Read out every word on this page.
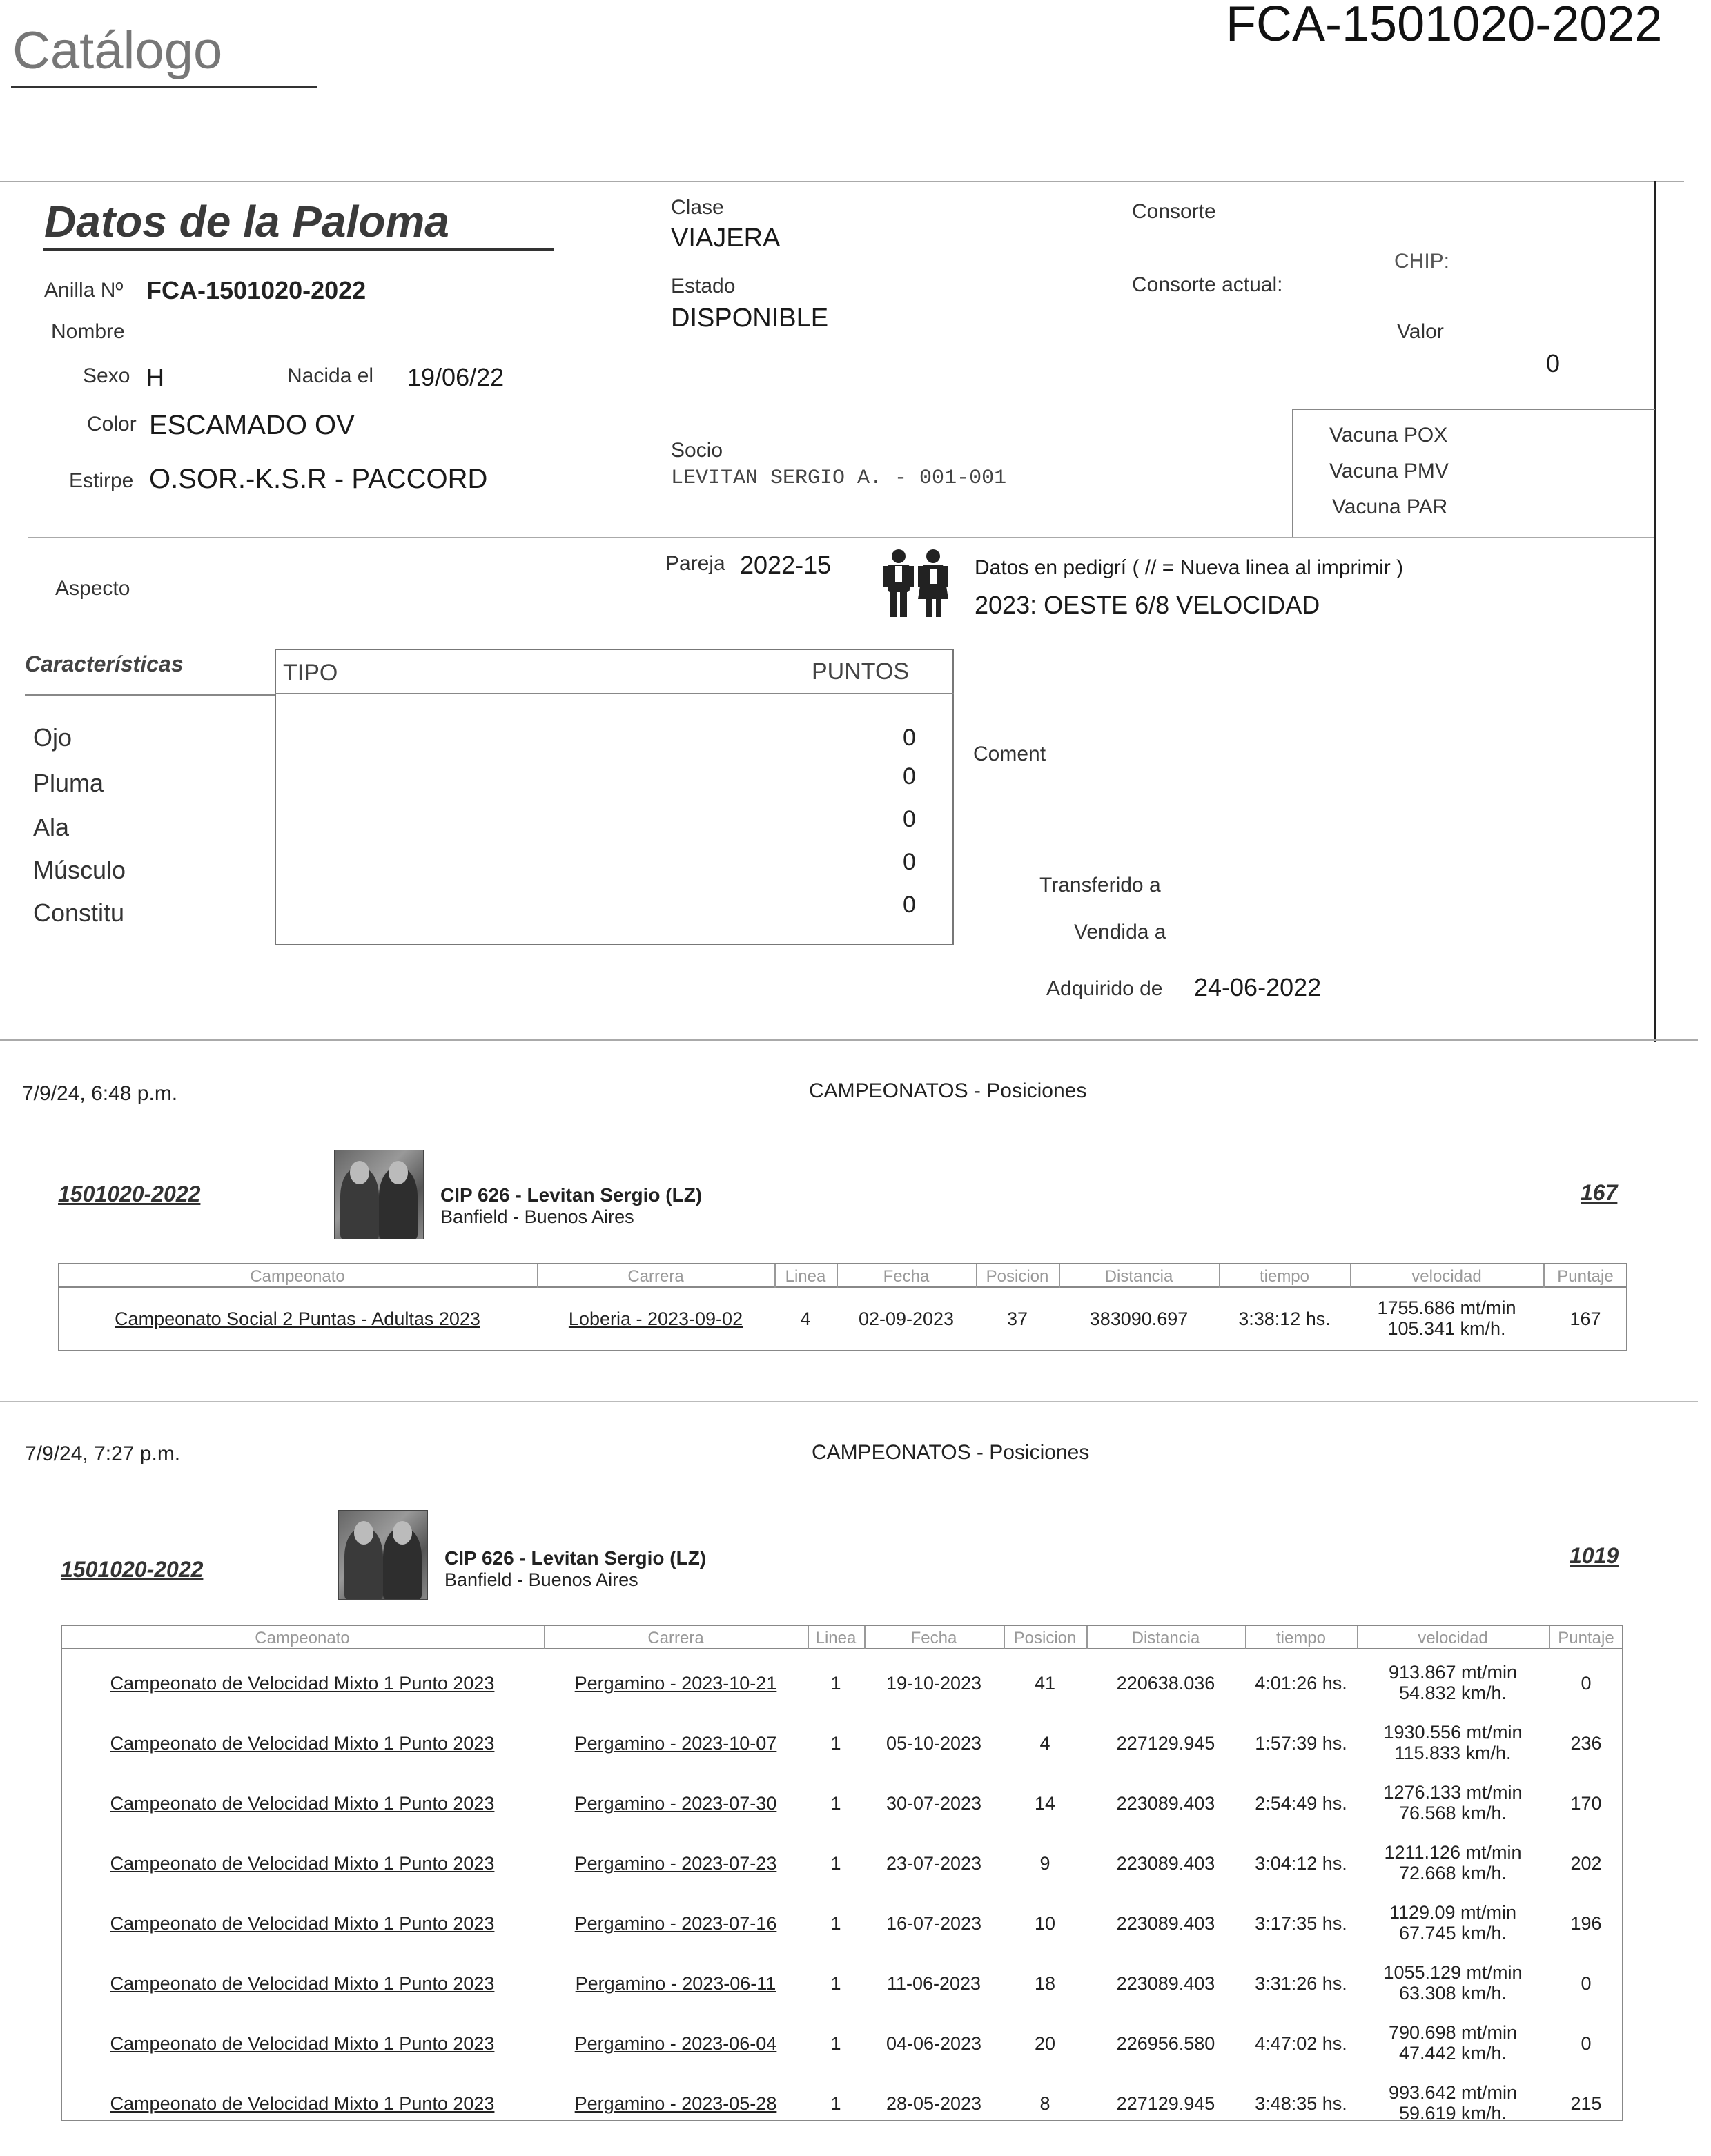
Catálogo	FCA-1501020-2022
Datos de la Paloma
Anilla Nº FCA-1501020-2022
Nombre
Sexo H	Nacida el 19/06/22
Color ESCAMADO OV
Estirpe O.SOR.-K.S.R - PACCORD
Clase
VIAJERA
Estado
DISPONIBLE
Socio
LEVITAN SERGIO A. - 001-001
Consorte
Consorte actual:
CHIP:
Valor
0
Vacuna POX
Vacuna PMV
Vacuna PAR
Aspecto
Pareja 2022-15	Datos en pedigrí ( // = Nueva linea al imprimir )
2023: OESTE 6/8 VELOCIDAD
Características	TIPO	PUNTOS
Ojo	0
Pluma	0
Ala	0
Músculo	0
Constitu	0
Coment
Transferido a
Vendida a
Adquirido de 24-06-2022
7/9/24, 6:48 p.m.	CAMPEONATOS - Posiciones
1501020-2022	CIP 626 - Levitan Sergio (LZ)
Banfield - Buenos Aires
167
Campeonato	Carrera	Linea	Fecha	Posicion	Distancia	tiempo	velocidad	Puntaje
Campeonato Social 2 Puntas - Adultas 2023	Loberia - 2023-09-02	4	02-09-2023	37	383090.697	3:38:12 hs.
1755.686 mt/min
105.341 km/h.	167
7/9/24, 7:27 p.m.	CAMPEONATOS - Posiciones
1501020-2022	CIP 626 - Levitan Sergio (LZ)
Banfield - Buenos Aires
1019
Campeonato	Carrera	Linea	Fecha	Posicion	Distancia	tiempo	velocidad	Puntaje
Campeonato de Velocidad Mixto 1 Punto 2023	Pergamino - 2023-10-21	1	19-10-2023	41	220638.036	4:01:26 hs.
913.867 mt/min
54.832 km/h.	0
Campeonato de Velocidad Mixto 1 Punto 2023	Pergamino - 2023-10-07	1	05-10-2023	4	227129.945	1:57:39 hs.
1930.556 mt/min
115.833 km/h.	236
Campeonato de Velocidad Mixto 1 Punto 2023	Pergamino - 2023-07-30	1	30-07-2023	14	223089.403	2:54:49 hs.
1276.133 mt/min
76.568 km/h.	170
Campeonato de Velocidad Mixto 1 Punto 2023	Pergamino - 2023-07-23	1	23-07-2023	9	223089.403	3:04:12 hs.
1211.126 mt/min
72.668 km/h.	202
Campeonato de Velocidad Mixto 1 Punto 2023	Pergamino - 2023-07-16	1	16-07-2023	10	223089.403	3:17:35 hs.
1129.09 mt/min
67.745 km/h.	196
Campeonato de Velocidad Mixto 1 Punto 2023	Pergamino - 2023-06-11	1	11-06-2023	18	223089.403	3:31:26 hs.
1055.129 mt/min
63.308 km/h.	0
Campeonato de Velocidad Mixto 1 Punto 2023	Pergamino - 2023-06-04	1	04-06-2023	20	226956.580	4:47:02 hs.
790.698 mt/min
47.442 km/h.	0
Campeonato de Velocidad Mixto 1 Punto 2023	Pergamino - 2023-05-28	1	28-05-2023	8	227129.945	3:48:35 hs.
993.642 mt/min
59.619 km/h.	215
